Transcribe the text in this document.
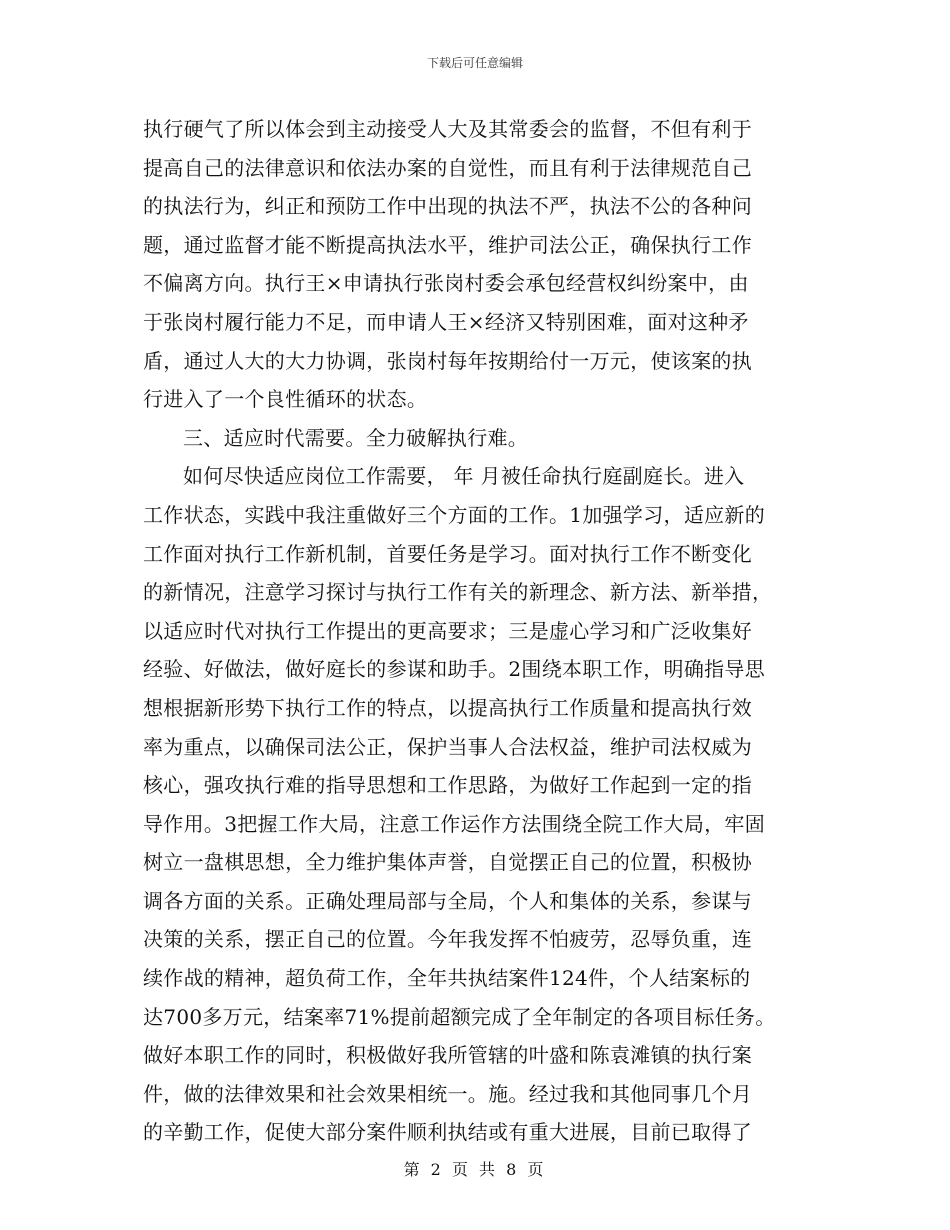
下载后可任意编辑
执行硬气了所以体会到主动接受人大及其常委会的监督，不但有利于
提高自己的法律意识和依法办案的自觉性，而且有利于法律规范自己
的执法行为，纠正和预防工作中出现的执法不严，执法不公的各种问
题，通过监督才能不断提高执法水平，维护司法公正，确保执行工作
不偏离方向。执行王×申请执行张岗村委会承包经营权纠纷案中，由
于张岗村履行能力不足，而申请人王×经济又特别困难，面对这种矛
盾，通过人大的大力协调，张岗村每年按期给付一万元，使该案的执
行进入了一个良性循环的状态。
三、适应时代需要。全力破解执行难。
如何尽快适应岗位工作需要， 年 月被任命执行庭副庭长。进入
工作状态，实践中我注重做好三个方面的工作。1加强学习，适应新的
工作面对执行工作新机制，首要任务是学习。面对执行工作不断变化
的新情况，注意学习探讨与执行工作有关的新理念、新方法、新举措，
以适应时代对执行工作提出的更高要求；三是虚心学习和广泛收集好
经验、好做法，做好庭长的参谋和助手。2围绕本职工作，明确指导思
想根据新形势下执行工作的特点，以提高执行工作质量和提高执行效
率为重点，以确保司法公正，保护当事人合法权益，维护司法权威为
核心，强攻执行难的指导思想和工作思路，为做好工作起到一定的指
导作用。3把握工作大局，注意工作运作方法围绕全院工作大局，牢固
树立一盘棋思想，全力维护集体声誉，自觉摆正自己的位置，积极协
调各方面的关系。正确处理局部与全局，个人和集体的关系，参谋与
决策的关系，摆正自己的位置。今年我发挥不怕疲劳，忍辱负重，连
续作战的精神，超负荷工作，全年共执结案件124件，个人结案标的
达700多万元，结案率71%提前超额完成了全年制定的各项目标任务。
做好本职工作的同时，积极做好我所管辖的叶盛和陈袁滩镇的执行案
件，做的法律效果和社会效果相统一。施。经过我和其他同事几个月
的辛勤工作，促使大部分案件顺利执结或有重大进展，目前已取得了
第 2 页 共 8 页
